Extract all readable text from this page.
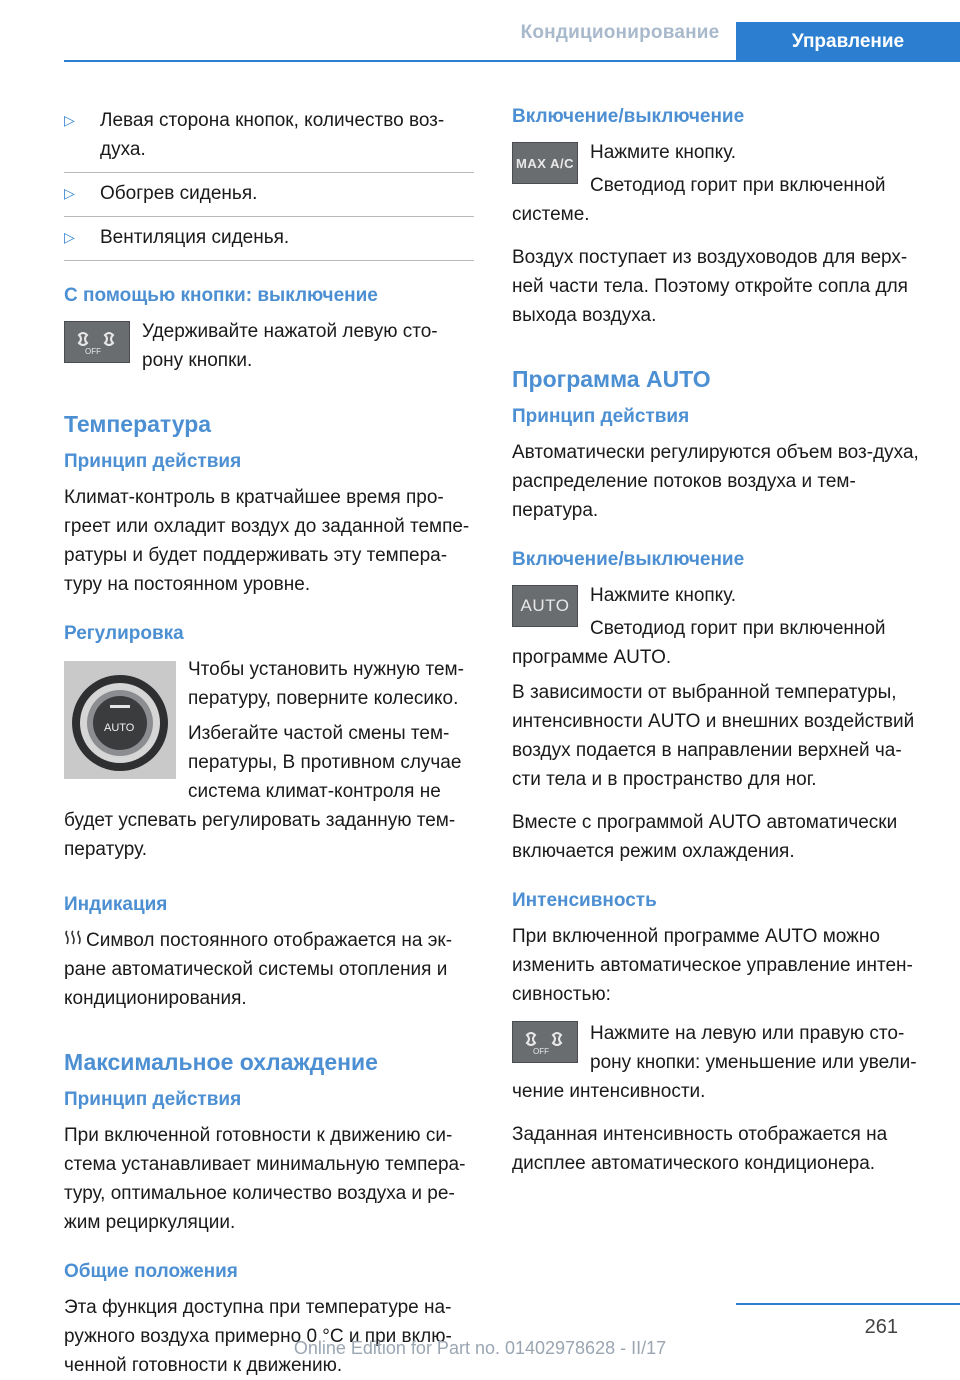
Кондиционирование	Управление
▷	Левая сторона кнопок, количество воз-духа.

▷	Обогрев сиденья.

▷	Вентиляция сиденья.

С помощью кнопки: выключение
OFF

Удерживайте нажатой левую сто-рону кнопки.

Температура
Принцип действия

Климат-контроль в кратчайшее время про-греет или охладит воздух до заданной темпе-ратуры и будет поддерживать эту темпера-туру на постоянном уровне.

Регулировка
AUTO

Чтобы установить нужную тем-пературу, поверните колесико.

Избегайте частой смены тем-пературы, В противном случае система климат-контроля не будет успевать регулировать заданную тем-пературу.

Индикация

Символ постоянного отображается на эк-ране автоматической системы отопления и кондиционирования.

Максимальное охлаждение
Принцип действия

При включенной готовности к движению си-стема устанавливает минимальную темпера-туру, оптимальное количество воздуха и ре-жим рециркуляции.

Общие положения

Эта функция доступна при температуре на-ружного воздуха примерно 0 °C и при вклю-ченной готовности к движению.

Включение/выключение
MAX A/C Нажмите кнопку.

Светодиод горит при включенной системе.

Воздух поступает из воздуховодов для верх-ней части тела. Поэтому откройте сопла для выхода воздуха.

Программа AUTO
Принцип действия

Автоматически регулируются объем воз-духа, распределение потоков воздуха и тем-пература.

Включение/выключение
AUTO	Нажмите кнопку.

Светодиод горит при включенной программе AUTO.

В зависимости от выбранной температуры, интенсивности AUTO и внешних воздействий воздух подается в направлении верхней ча-сти тела и в пространство для ног.

Вместе с программой AUTO автоматически включается режим охлаждения.

Интенсивность

При включенной программе AUTO можно изменить автоматическое управление интен-сивностью:

OFF

Нажмите на левую или правую сто-рону кнопки: уменьшение или увели-чение интенсивности.

Заданная интенсивность отображается на дисплее автоматического кондиционера.

261
Online Edition for Part no. 01402978628 - II/17
